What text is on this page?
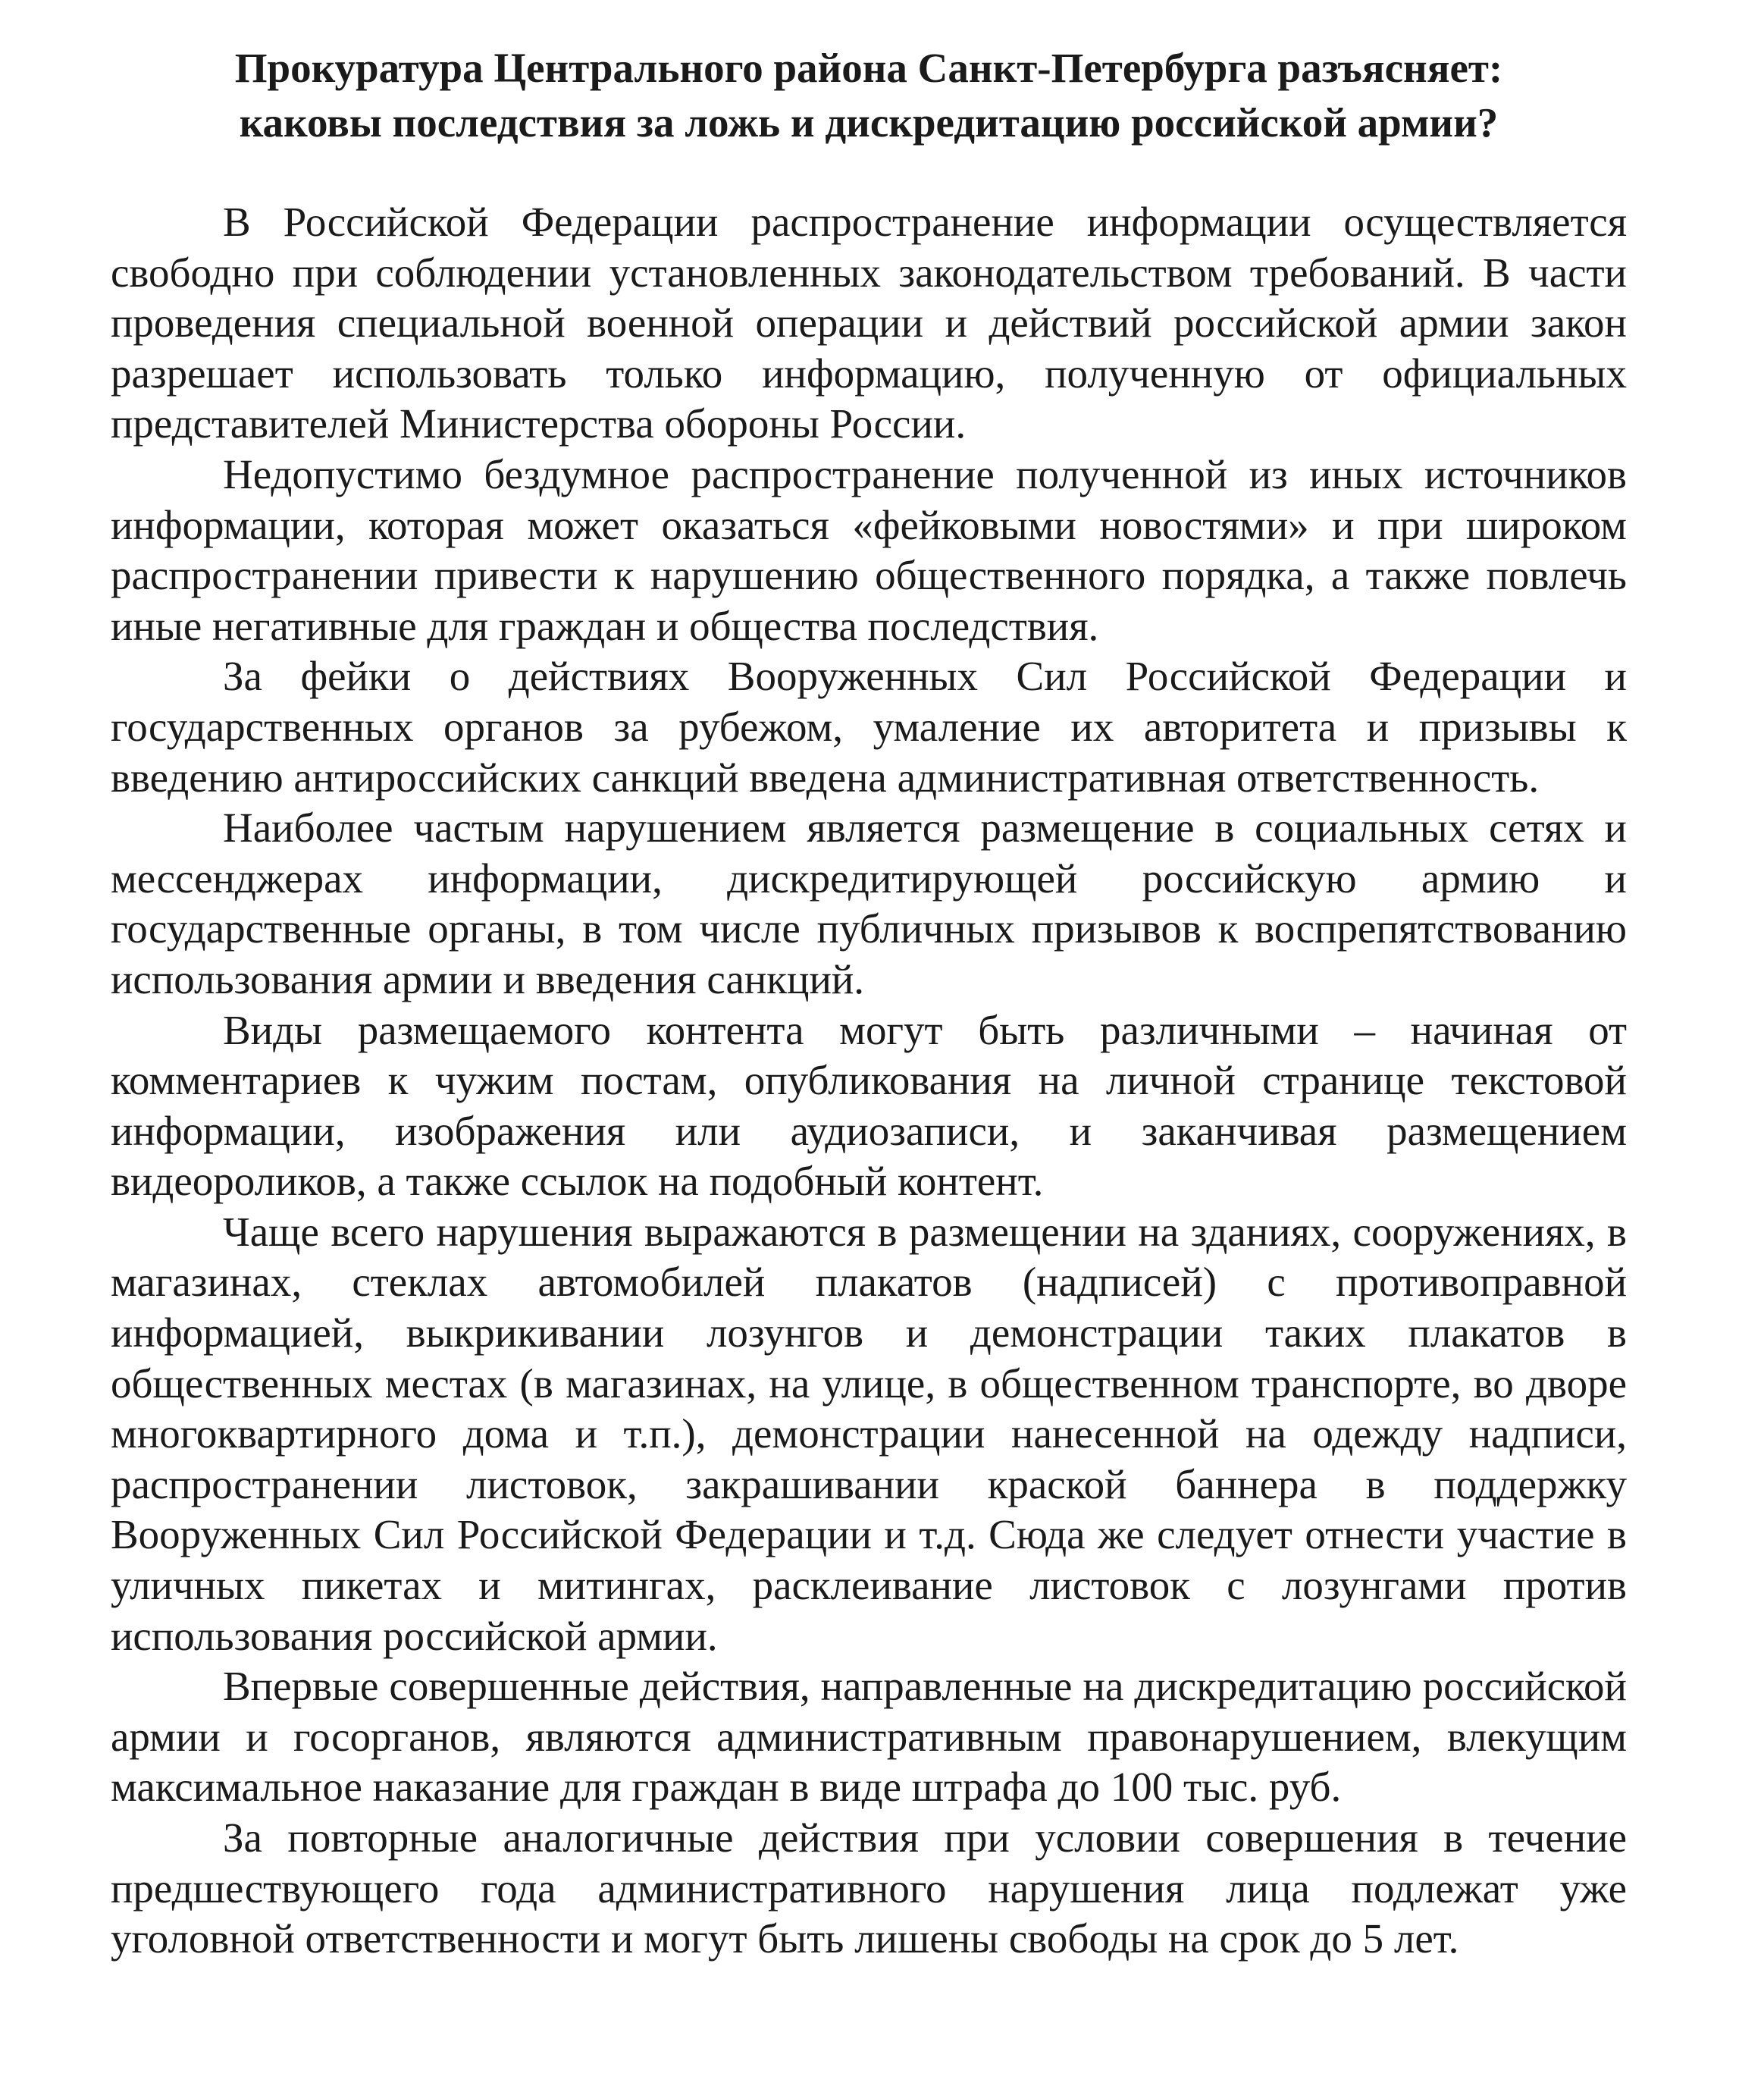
Прокуратура Центрального района Санкт-Петербурга разъясняет:
каковы последствия за ложь и дискредитацию российской армии?

В Российской Федерации распространение информации осуществляется свободно при соблюдении установленных законодательством требований. В части проведения специальной военной операции и действий российской армии закон разрешает использовать только информацию, полученную от официальных представителей Министерства обороны России.

Недопустимо бездумное распространение полученной из иных источников информации, которая может оказаться «фейковыми новостями» и при широком распространении привести к нарушению общественного порядка, а также повлечь иные негативные для граждан и общества последствия.

За фейки о действиях Вооруженных Сил Российской Федерации и государственных органов за рубежом, умаление их авторитета и призывы к введению антироссийских санкций введена административная ответственность.

Наиболее частым нарушением является размещение в социальных сетях и мессенджерах информации, дискредитирующей российскую армию и государственные органы, в том числе публичных призывов к воспрепятствованию использования армии и введения санкций.

Виды размещаемого контента могут быть различными – начиная от комментариев к чужим постам, опубликования на личной странице текстовой информации, изображения или аудиозаписи, и заканчивая размещением видеороликов, а также ссылок на подобный контент.

Чаще всего нарушения выражаются в размещении на зданиях, сооружениях, в магазинах, стеклах автомобилей плакатов (надписей) с противоправной информацией, выкрикивании лозунгов и демонстрации таких плакатов в общественных местах (в магазинах, на улице, в общественном транспорте, во дворе многоквартирного дома и т.п.), демонстрации нанесенной на одежду надписи, распространении листовок, закрашивании краской баннера в поддержку Вооруженных Сил Российской Федерации и т.д. Сюда же следует отнести участие в уличных пикетах и митингах, расклеивание листовок с лозунгами против использования российской армии.

Впервые совершенные действия, направленные на дискредитацию российской армии и госорганов, являются административным правонарушением, влекущим максимальное наказание для граждан в виде штрафа до 100 тыс. руб.

За повторные аналогичные действия при условии совершения в течение предшествующего года административного нарушения лица подлежат уже уголовной ответственности и могут быть лишены свободы на срок до 5 лет.
